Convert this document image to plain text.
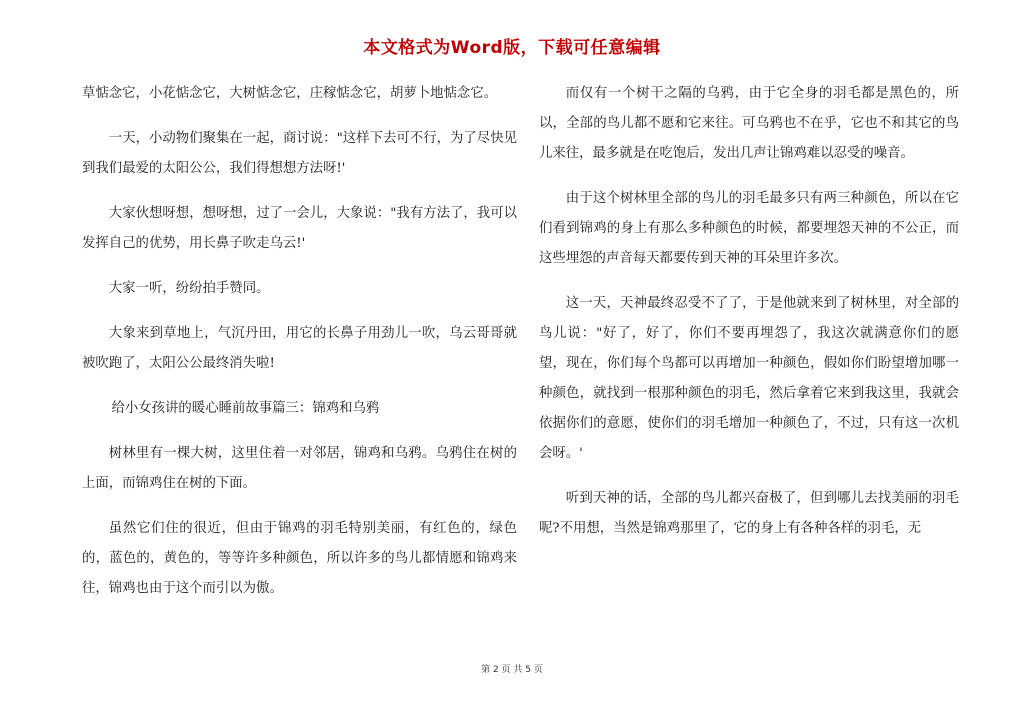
本文格式为Word版，下载可任意编辑

草惦念它，小花惦念它，大树惦念它，庄稼惦念它，胡萝卜地惦念它。

一天，小动物们聚集在一起，商讨说："这样下去可不行，为了尽快见到我们最爱的太阳公公，我们得想想方法呀!'

大家伙想呀想，想呀想，过了一会儿，大象说："我有方法了，我可以发挥自己的优势，用长鼻子吹走乌云!'

大家一听，纷纷拍手赞同。

大象来到草地上，气沉丹田，用它的长鼻子用劲儿一吹，乌云哥哥就被吹跑了，太阳公公最终消失啦!

给小女孩讲的暖心睡前故事篇三：锦鸡和乌鸦

树林里有一棵大树，这里住着一对邻居，锦鸡和乌鸦。乌鸦住在树的上面，而锦鸡住在树的下面。

虽然它们住的很近，但由于锦鸡的羽毛特别美丽，有红色的，绿色的，蓝色的，黄色的，等等许多种颜色，所以许多的鸟儿都情愿和锦鸡来往，锦鸡也由于这个而引以为傲。

而仅有一个树干之隔的乌鸦，由于它全身的羽毛都是黑色的，所以，全部的鸟儿都不愿和它来往。可乌鸦也不在乎，它也不和其它的鸟儿来往，最多就是在吃饱后，发出几声让锦鸡难以忍受的噪音。

由于这个树林里全部的鸟儿的羽毛最多只有两三种颜色，所以在它们看到锦鸡的身上有那么多种颜色的时候，都要埋怨天神的不公正，而这些埋怨的声音每天都要传到天神的耳朵里许多次。

这一天，天神最终忍受不了了，于是他就来到了树林里，对全部的鸟儿说："好了，好了，你们不要再埋怨了，我这次就满意你们的愿望，现在，你们每个鸟都可以再增加一种颜色，假如你们盼望增加哪一种颜色，就找到一根那种颜色的羽毛，然后拿着它来到我这里，我就会依据你们的意愿，使你们的羽毛增加一种颜色了，不过，只有这一次机会呀。'

听到天神的话，全部的鸟儿都兴奋极了，但到哪儿去找美丽的羽毛呢?不用想，当然是锦鸡那里了，它的身上有各种各样的羽毛，无

第 2 页 共 5 页
